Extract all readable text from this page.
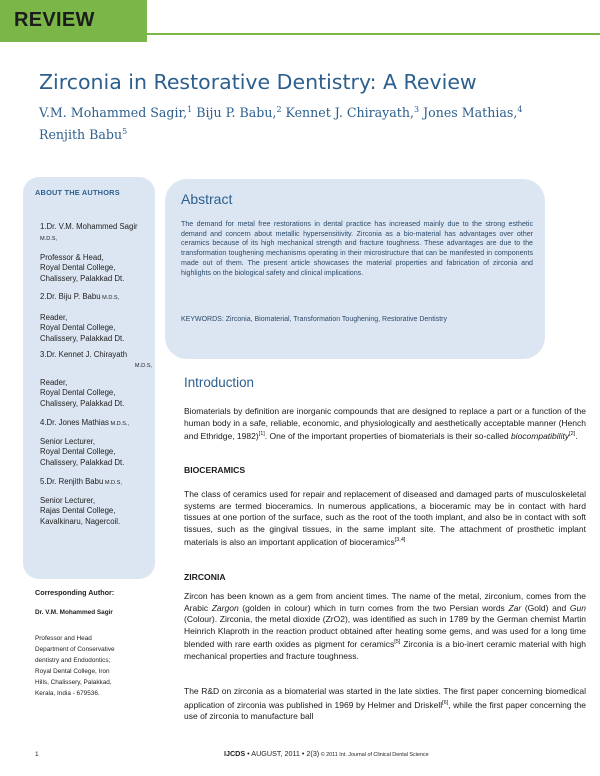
REVIEW
Zirconia in Restorative Dentistry: A Review
V.M. Mohammed Sagir,$^1$ Biju P. Babu,$^2$ Kennet J. Chirayath,$^3$ Jones Mathias,$^4$
Renjith Babu$^5$
ABOUT THE AUTHORS
1.Dr. V.M. Mohammed Sagir M.D.S,
Professor & Head,
Royal Dental College,
Chalissery, Palakkad Dt.
2.Dr. Biju P. Babu M.D.S,
Reader,
Royal Dental College,
Chalissery, Palakkad Dt.
3.Dr. Kennet J. Chirayath

M.D.S,
Reader,
Royal Dental College,
Chalissery, Palakkad Dt.
4.Dr. Jones Mathias M.D.S.,
Senior Lecturer,
Royal Dental College,
Chalissery, Palakkad Dt.
5.Dr. Renjith Babu M.D.S,
Senior Lecturer,
Rajas Dental College,
Kavalkinaru, Nagercoil.
Corresponding Author:
Dr. V.M. Mohammed Sagir
Professor and Head
Department of Conservative
dentistry and Endodontics;
Royal Dental College, Iron
Hills, Chalissery, Palakkad,
Kerala, India - 679536.
Abstract
The demand for metal free restorations in dental practice has increased mainly due to the strong esthetic demand and concern about metallic hypersensitivity. Zirconia as a bio-material has advantages over other ceramics because of its high mechanical strength and fracture toughness. These advantages are due to the transformation toughening mechanisms operating in their microstructure that can be manifested in components made out of them. The present article showcases the material properties and fabrication of zirconia and highlights on the biological safety and clinical implications.
KEYWORDS: Zirconia, Biomaterial, Transformation Toughening, Restorative Dentistry
Introduction
Biomaterials by definition are inorganic compounds that are designed to replace a part or a function of the human body in a safe, reliable, economic, and physiologically and aesthetically acceptable manner (Hench and Ethridge, 1982)[1]. One of the important properties of biomaterials is their so-called biocompatibility[2].
BIOCERAMICS
The class of ceramics used for repair and replacement of diseased and damaged parts of musculoskeletal systems are termed bioceramics. In numerous applications, a bioceramic may be in contact with hard tissues at one portion of the surface, such as the root of the tooth implant, and also be in contact with soft tissues, such as the gingival tissues, in the same implant site. The attachment of prosthetic implant materials is also an important application of bioceramics[3,4]
ZIRCONIA
Zircon has been known as a gem from ancient times. The name of the metal, zirconium, comes from the Arabic Zargon (golden in colour) which in turn comes from the two Persian words Zar (Gold) and Gun (Colour). Zirconia, the metal dioxide (ZrO2), was identified as such in 1789 by the German chemist Martin Heinrich Klaproth in the reaction product obtained after heating some gems, and was used for a long time blended with rare earth oxides as pigment for ceramics[5] Zirconia is a bio-inert ceramic material with high mechanical properties and fracture toughness.
The R&D on zirconia as a biomaterial was started in the late sixties. The first paper concerning biomedical application of zirconia was published in 1969 by Helmer and Driskell[6], while the first paper concerning the use of zirconia to manufacture ball
1	IJCDS • AUGUST, 2011 • 2(3) © 2011 Int. Journal of Clinical Dental Science
